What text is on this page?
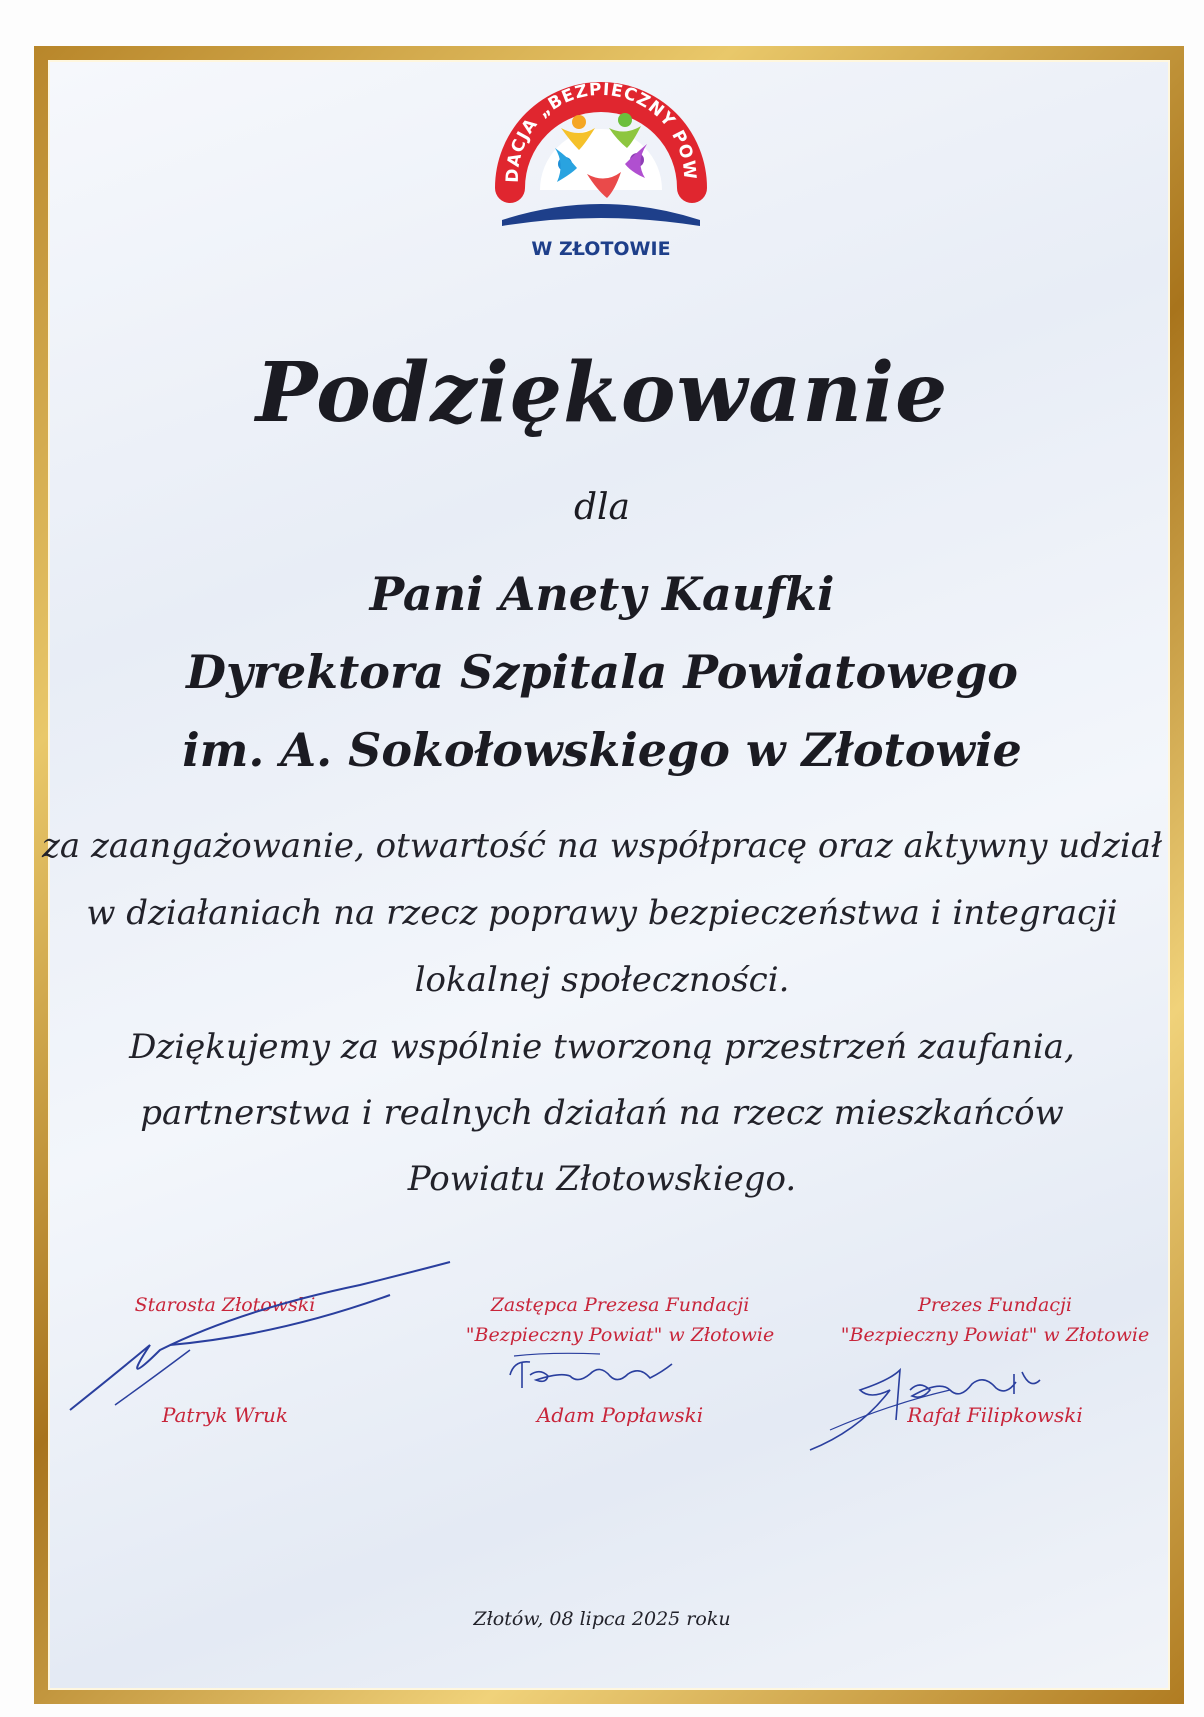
DACJA „BEZPIECZNY POW
W ZŁOTOWIE
Podziękowanie
dla
Pani Anety Kaufki
Dyrektora Szpitala Powiatowego
im. A. Sokołowskiego w Złotowie
za zaangażowanie, otwartość na współpracę oraz aktywny udział
w działaniach na rzecz poprawy bezpieczeństwa i integracji
lokalnej społeczności.
Dziękujemy za wspólnie tworzoną przestrzeń zaufania,
partnerstwa i realnych działań na rzecz mieszkańców
Powiatu Złotowskiego.
Starosta Złotowski
Patryk Wruk
Zastępca Prezesa Fundacji
"Bezpieczny Powiat" w Złotowie
Adam Popławski
Prezes Fundacji
"Bezpieczny Powiat" w Złotowie
Rafał Filipkowski
Złotów, 08 lipca 2025 roku
